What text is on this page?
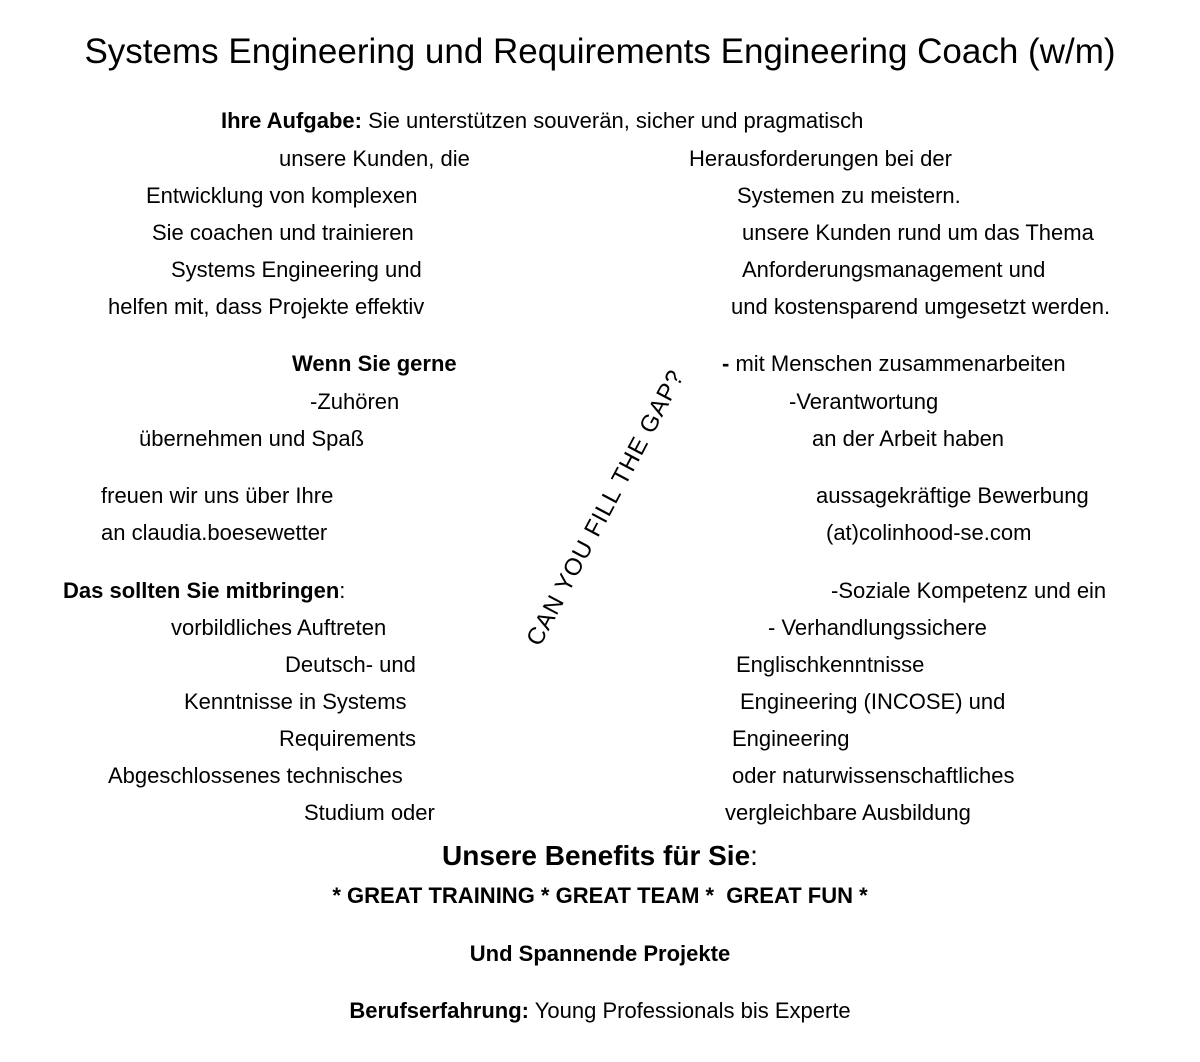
Systems Engineering und Requirements Engineering Coach (w/m)
Ihre Aufgabe: Sie unterstützen souverän, sicher und pragmatisch
unsere Kunden, die	Herausforderungen bei der
Entwicklung von komplexen	Systemen zu meistern.
Sie coachen und trainieren	unsere Kunden rund um das Thema
Systems Engineering und	Anforderungsmanagement und
helfen mit, dass Projekte effektiv	und kostensparend umgesetzt werden.
Wenn Sie gerne	- mit Menschen zusammenarbeiten
-Zuhören	-Verantwortung
übernehmen und Spaß	an der Arbeit haben
freuen wir uns über Ihre	aussagekräftige Bewerbung
an claudia.boesewetter	(at)colinhood-se.com
Das sollten Sie mitbringen:	-Soziale Kompetenz und ein
vorbildliches Auftreten	- Verhandlungssichere
Deutsch- und	Englischkenntnisse
Kenntnisse in Systems	Engineering (INCOSE) und
Requirements	Engineering
Abgeschlossenes technisches	oder naturwissenschaftliches
Studium oder	vergleichbare Ausbildung
CAN YOU FILL THE GAP?
Unsere Benefits für Sie:
* GREAT TRAINING * GREAT TEAM *  GREAT FUN *
Und Spannende Projekte
Berufserfahrung: Young Professionals bis Experte
